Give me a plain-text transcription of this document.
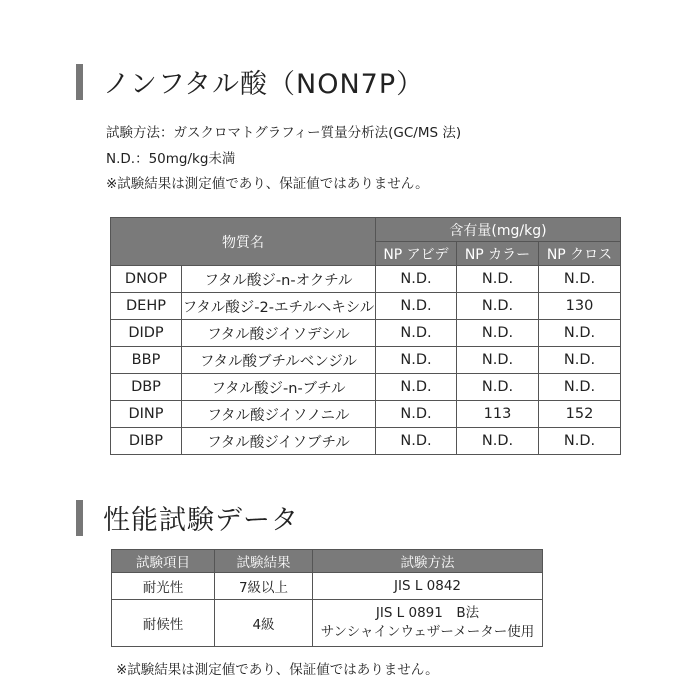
ノンフタル酸（NON7P）
試験方法：ガスクロマトグラフィー質量分析法(GC/MS 法)
N.D.：50mg/kg未満
※試験結果は測定値であり、保証値ではありません。
物質名		含有量(mg/kg)		
		NP アビデ	NP カラー	NP クロス
DNOP	フタル酸ジ-n-オクチル	N.D.	N.D.	N.D.
DEHP	フタル酸ジ-2-エチルヘキシル	N.D.	N.D.	130
DIDP	フタル酸ジイソデシル	N.D.	N.D.	N.D.
BBP	フタル酸ブチルベンジル	N.D.	N.D.	N.D.
DBP	フタル酸ジ-n-ブチル	N.D.	N.D.	N.D.
DINP	フタル酸ジイソノニル	N.D.	113	152
DIBP	フタル酸ジイソブチル	N.D.	N.D.	N.D.
性能試験データ
試験項目	試験結果	試験方法
耐光性	7級以上	JIS L 0842
耐候性	4級	JIS L 0891　B法
サンシャインウェザーメーター使用
※試験結果は測定値であり、保証値ではありません。
